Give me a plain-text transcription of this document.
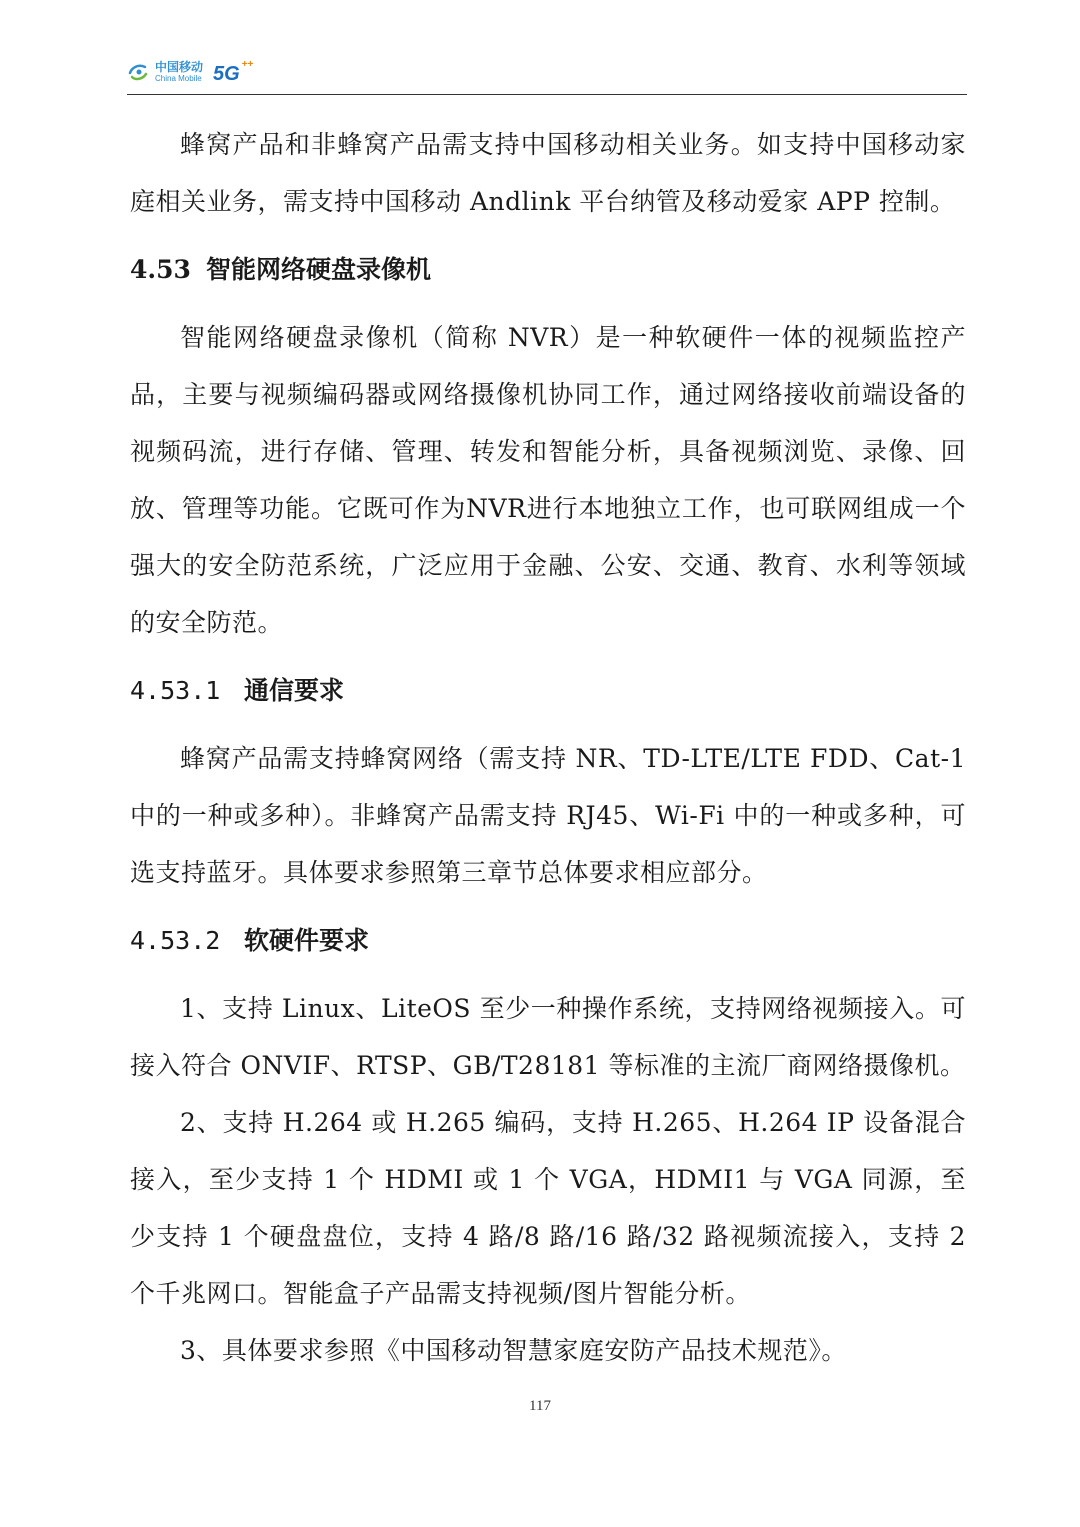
中国移动
China Mobile 5G ++

蜂窝产品和非蜂窝产品需支持中国移动相关业务。如支持中国移动家庭相关业务，需支持中国移动 Andlink 平台纳管及移动爱家 APP 控制。

4.53 智能网络硬盘录像机

智能网络硬盘录像机（简称 NVR）是一种软硬件一体的视频监控产品，主要与视频编码器或网络摄像机协同工作，通过网络接收前端设备的视频码流，进行存储、管理、转发和智能分析，具备视频浏览、录像、回放、管理等功能。它既可作为NVR进行本地独立工作，也可联网组成一个强大的安全防范系统，广泛应用于金融、公安、交通、教育、水利等领域的安全防范。

4.53.1 通信要求

蜂窝产品需支持蜂窝网络（需支持 NR、TD-LTE/LTE FDD、Cat-1 中的一种或多种）。非蜂窝产品需支持 RJ45、Wi-Fi 中的一种或多种，可选支持蓝牙。具体要求参照第三章节总体要求相应部分。

4.53.2 软硬件要求

1、支持 Linux、LiteOS 至少一种操作系统，支持网络视频接入。可接入符合 ONVIF、RTSP、GB/T28181 等标准的主流厂商网络摄像机。

2、支持 H.264 或 H.265 编码，支持 H.265、H.264 IP 设备混合接入，至少支持 1 个 HDMI 或 1 个 VGA，HDMI1 与 VGA 同源，至少支持 1 个硬盘盘位，支持 4 路/8 路/16 路/32 路视频流接入，支持 2 个千兆网口。智能盒子产品需支持视频/图片智能分析。

3、具体要求参照《中国移动智慧家庭安防产品技术规范》。

117
